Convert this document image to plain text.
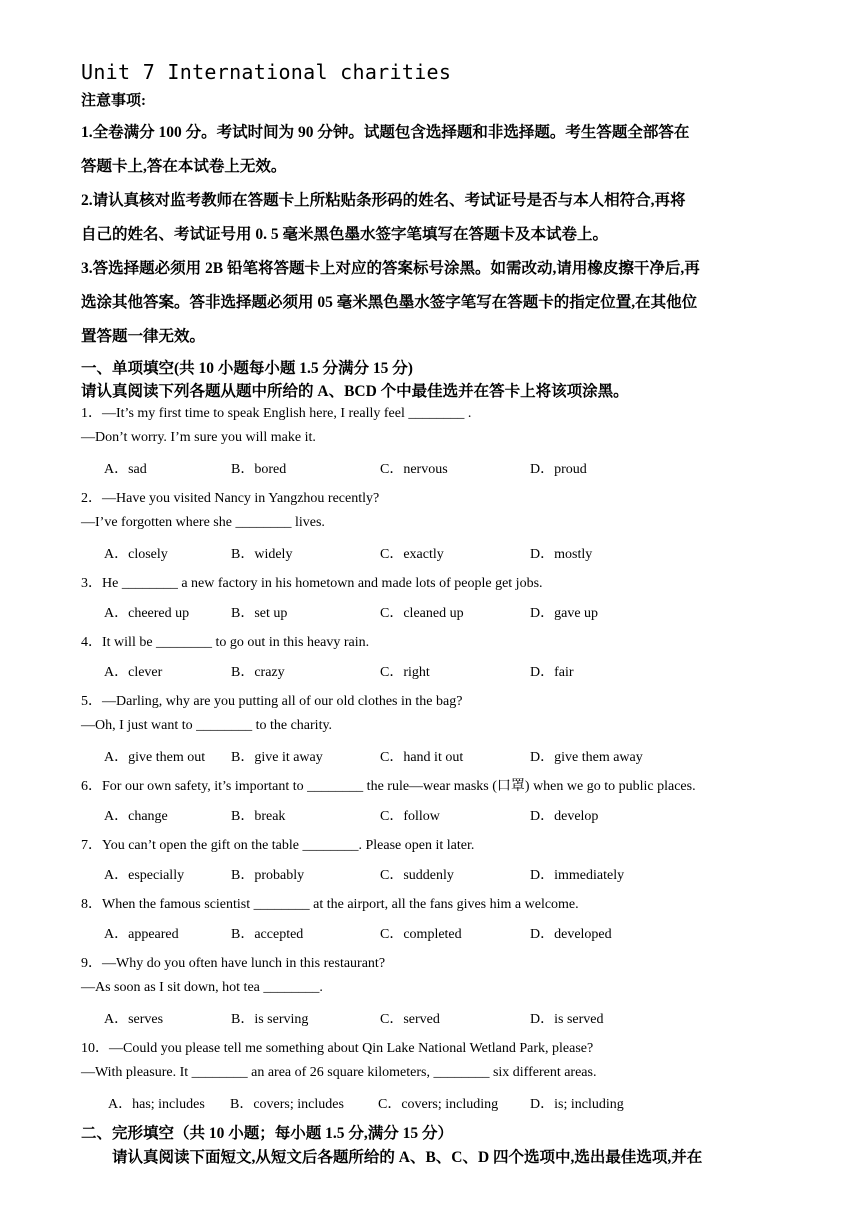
Unit 7 International charities
注意事项:
1.全卷满分 100 分。考试时间为 90 分钟。试题包含选择题和非选择题。考生答题全部答在
答题卡上,答在本试卷上无效。
2.请认真核对监考教师在答题卡上所粘贴条形码的姓名、考试证号是否与本人相符合,再将
自己的姓名、考试证号用 0. 5 毫米黑色墨水签字笔填写在答题卡及本试卷上。
3.答选择题必须用 2B 铅笔将答题卡上对应的答案标号涂黑。如需改动,请用橡皮擦干净后,再
选涂其他答案。答非选择题必须用 05 毫米黑色墨水签字笔写在答题卡的指定位置,在其他位
置答题一律无效。
一、单项填空(共 10 小题每小题 1.5 分满分 15 分)
请认真阅读下列各题从题中所给的 A、BCD 个中最佳选并在答卡上将该项涂黑。
1．—It’s my first time to speak English here, I really feel ________ .
—Don’t worry. I’m sure you will make it.
A．sad	B．bored	C．nervous	D．proud
2．—Have you visited Nancy in Yangzhou recently?
—I’ve forgotten where she ________ lives.
A．closely	B．widely	C．exactly	D．mostly
3．He ________ a new factory in his hometown and made lots of people get jobs.
A．cheered up	B．set up	C．cleaned up	D．gave up
4．It will be ________ to go out in this heavy rain.
A．clever	B．crazy	C．right	D．fair
5．—Darling, why are you putting all of our old clothes in the bag?
—Oh, I just want to ________ to the charity.
A．give them out B．give it away	C．hand it out	D．give them away
6．For our own safety, it’s important to ________ the rule—wear masks (口罩) when we go to public places.
A．change	B．break	C．follow	D．develop
7．You can’t open the gift on the table ________. Please open it later.
A．especially	B．probably	C．suddenly	D．immediately
8．When the famous scientist ________ at the airport, all the fans gives him a welcome.
A．appeared	B．accepted	C．completed	D．developed
9．—Why do you often have lunch in this restaurant?
—As soon as I sit down, hot tea ________.
A．serves	B．is serving	C．served	D．is served
10．—Could you please tell me something about Qin Lake National Wetland Park, please?
—With pleasure. It ________ an area of 26 square kilometers, ________ six different areas.
A．has; includes B．covers; includes C．covers; including D．is; including
二、完形填空（共 10 小题；每小题 1.5 分,满分 15 分）
请认真阅读下面短文,从短文后各题所给的 A、B、C、D 四个选项中,选出最佳选项,并在
